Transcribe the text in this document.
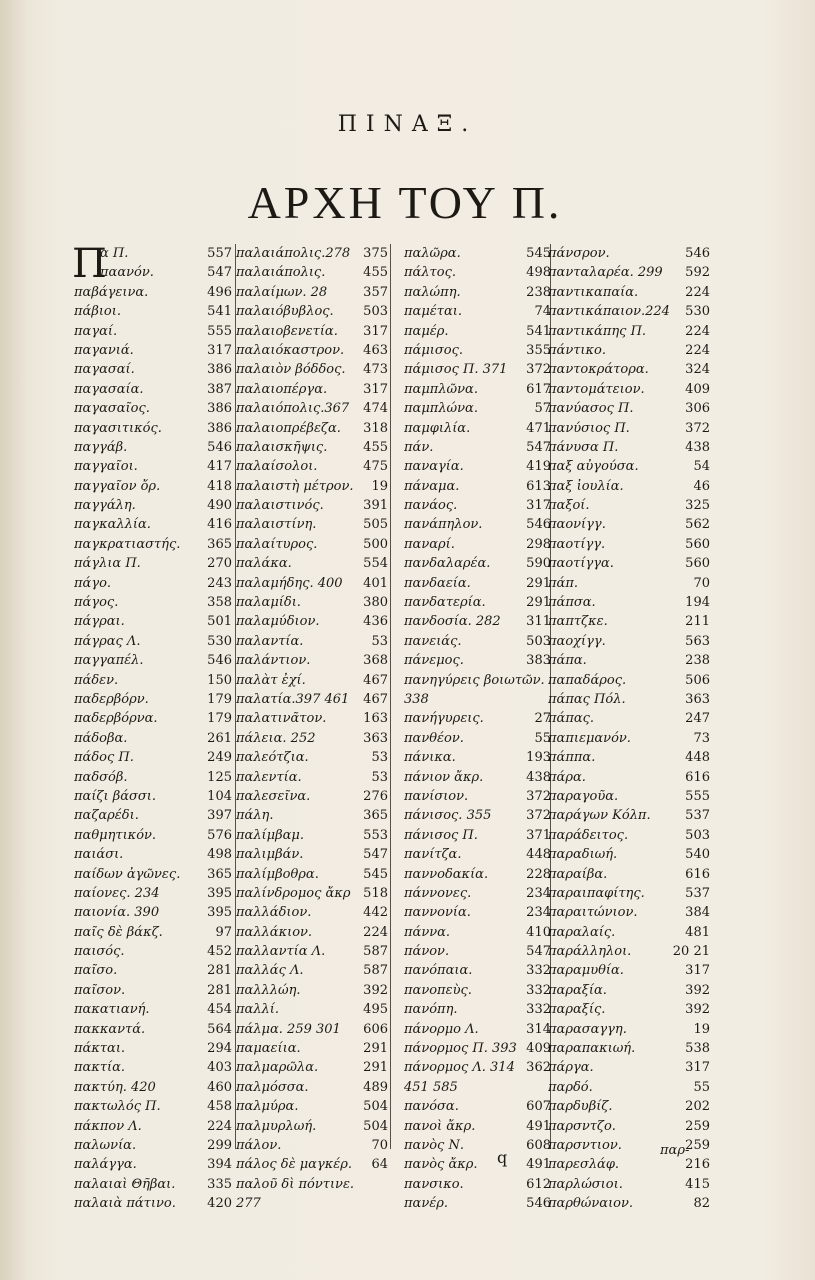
ΠΙΝΑΞ.
ΑΡΧΗ ΤΟΥ Π.
Π
α Π.	557
παανόν.	547
παβάγεινα.	496
πάβιοι.	541
παγαί.	555
παγανιά.	317
παγασαί.	386
παγασαία.	387
παγασαῖος.	386
παγασιτικός.	386
παγγάβ.	546
παγγαῖοι.	417
παγγαῖον ὄρ.	418
παγγάλη.	490
παγκαλλία.	416
παγκρατιαστής.	365
πάγλια Π.	270
πάγο.	243
πάγος.	358
πάγραι.	501
πάγρας Λ.	530
παγγαπέλ.	546
πάδεν.	150
παδερβόρν.	179
παδερβόρνα.	179
πάδοβα.	261
πάδος Π.	249
παδσόβ.	125
παίζι βάσσι.	104
παζαρέδι.	397
παθμητικόν.	576
παιάσι.	498
παίδων ἀγῶνες.	365
παίονες. 234	395
παιονία. 390	395
παῖς δὲ βάκζ.	97
παισός.	452
παῖσο.	281
παῖσον.	281
πακατιανή.	454
πακκαντά.	564
πάκται.	294
πακτία.	403
πακτύη. 420	460
πακτωλός Π.	458
πάκπον Λ.	224
παλωνία.	299
παλάγγα.	394
παλαιαὶ Θῆβαι.	335
παλαιὰ πάτινο.	420
παλαιάπολις.278	375
παλαιάπολις.	455
παλαίμων. 28	357
παλαιόβυβλος.	503
παλαιοβενετία.	317
παλαιόκαστρον.	463
παλαιὸν βόδδος.	473
παλαιοπέργα.	317
παλαιόπολις.367	474
παλαιοπρέβεζα.	318
παλαισκῆψις.	455
παλαίσολοι.	475
παλαιστὴ μέτρον.	19
παλαιστινός.	391
παλαιστίνη.	505
παλαίτυρος.	500
παλάκα.	554
παλαμήδης. 400	401
παλαμίδι.	380
παλαμύδιον.	436
παλαντία.	53
παλάντιον.	368
παλὰτ ἐχί.	467
παλατία.397 461	467
παλατινᾶτον.	163
πάλεια. 252	363
παλεότζια.	53
παλεντία.	53
παλεσεῖνα.	276
πάλη.	365
παλίμβαμ.	553
παλιμβάν.	547
παλίμβοθρα.	545
παλίνδρομος ἄκρ 518
παλλάδιον.	442
παλλάκιον.	224
παλλαντία Λ.	587
παλλάς Λ.	587
παλλλώη.	392
παλλί.	495
πάλμα. 259 301	606
παμαείια.	291
παλμαρῶλα.	291
παλμόσσα.	489
παλμύρα.	504
παλμυρλωή.	504
πάλον.	70
πάλος δὲ μαγκέρ.	64
παλοῦ δὶ πόντινε.
277
παλῶρα.	545
πάλτος.	498
παλώπη.	238
παμέται.	74
παμέρ.	541
πάμισος.	355
πάμισος Π. 371	372
παμπλῶνα.	617
παμπλώνα.	57
παμφιλία.	471
πάν.	547
παναγία.	419
πάναμα.	613
πανάος.	317
πανάπηλον.	546
παναρί.	298
πανδαλαρέα.	590
πανδαεία.	291
πανδατερία.	291
πανδοσία. 282	311
πανειάς.	503
πάνεμος.	383
πανηγύρεις βοιωτῶν.
338
πανήγυρεις.	27
πανθέον.	55
πάνικα.	193
πάνιον ἄκρ.	438
πανίσιον.	372
πάνισος. 355	372
πάνισος Π.	371
πανίτζα.	448
παννοδακία.	228
πάννονες.	234
παννονία.	234
πάννα.	410
πάνον.	547
πανόπαια.	332
πανοπεὺς.	332
πανόπη.	332
πάνορμο Λ.	314
πάνορμος Π. 393 409
πάνορμος Λ. 314 362
451 585
πανόσα.	607
πανοὶ ἄκρ.	491
πανὸς Ν.	608
πανὸς ἄκρ.	491
πανσικο.	612
πανέρ.	546
πάνσρον.	546
πανταλαρέα. 299	592
παντικαπαία.	224
παντικάπαιον.224	530
παντικάπης Π.	224
πάντικο.	224
παντοκράτορα.	324
παντομάτειον.	409
πανύασος Π.	306
πανύσιος Π.	372
πάνυσα Π.	438
παξ αὐγούσα.	54
παξ ἰουλία.	46
παξοί.	325
παονίγγ.	562
παοτίγγ.	560
παοτίγγα.	560
πάπ.	70
πάπσα.	194
παπτζκε.	211
παοχίγγ.	563
πάπα.	238
παπαδάρος.	506
πάπας Πόλ.	363
πάπας.	247
παπιεμανόν.	73
πάππα.	448
πάρα.	616
παραγοῦα.	555
παράγων Κόλπ.	537
παράδειτος.	503
παραδιωή.	540
παραίβα.	616
παραιπαφίτης.	537
παραιτώνιον.	384
παραλαίς.	481
παράλληλοι.	20 21
παραμυθία.	317
παραξία.	392
παραξίς.	392
παρασαγγη.	19
παραπακιωή.	538
πάργα.	317
παρδό.	55
παρδυβίζ.	202
παρσντζο.	259
παρσντιον.	259
παρεσλάφ.	216
παρλώσιοι.	415
παρθώναιον.	82
q	παρ-
